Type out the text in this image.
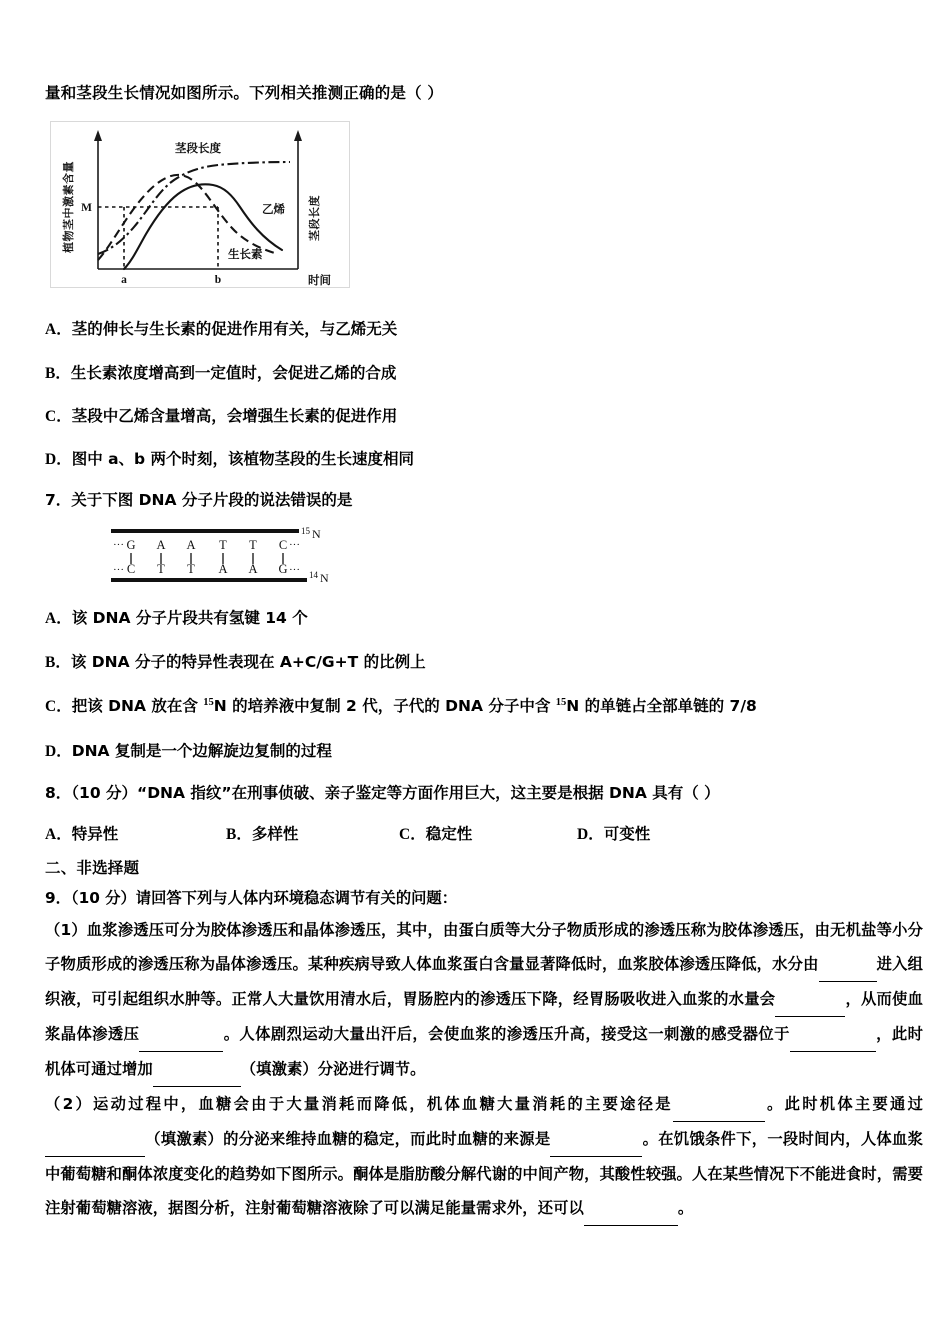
量和茎段生长情况如图所示。下列相关推测正确的是（ ）
M
a	b	时间
植物茎中激素含量	茎段长度
茎段长度
乙烯
生长素
A．茎的伸长与生长素的促进作用有关，与乙烯无关
B．生长素浓度增高到一定值时，会促进乙烯的合成
C．茎段中乙烯含量增高，会增强生长素的促进作用
D．图中 a、b 两个时刻，该植物茎段的生长速度相同
7．关于下图 DNA 分子片段的说法错误的是
15 N
14 N
···
···
G
C
A
T
A
T
T
A
T
A
C
G
···
···
A．该 DNA 分子片段共有氢键 14 个
B．该 DNA 分子的特异性表现在 A+C/G+T 的比例上
C．把该 DNA 放在含 $^{15}$N 的培养液中复制 2 代，子代的 DNA 分子中含 $^{15}$N 的单链占全部单链的 7/8
D．DNA 复制是一个边解旋边复制的过程
8．（10 分）“DNA 指纹”在刑事侦破、亲子鉴定等方面作用巨大，这主要是根据 DNA 具有（ ）
A．特异性	B．多样性	C．稳定性	D．可变性
二、非选择题
9．（10 分）请回答下列与人体内环境稳态调节有关的问题：
（1）血浆渗透压可分为胶体渗透压和晶体渗透压，其中，由蛋白质等大分子物质形成的渗透压称为胶体渗透压，由无机盐等小分子物质形成的渗透压称为晶体渗透压。某种疾病导致人体血浆蛋白含量显著降低时，血浆胶体渗透压降低，水分由	进入组织液，可引起组织水肿等。正常人大量饮用清水后，胃肠腔内的渗透压下降，经胃肠吸收进入血浆的水量会	，从而使血浆晶体渗透压	。人体剧烈运动大量出汗后，会使血浆的渗透压升高，接受这一刺激的感受器位于	，此时机体可通过增加	（填激素）分泌进行调节。
（2）运动过程中，血糖会由于大量消耗而降低，机体血糖大量消耗的主要途径是	。此时机体主要通过 （填激素）的分泌来维持血糖的稳定，而此时血糖的来源是	。在饥饿条件下，一段时间内，人体血浆中葡萄糖和酮体浓度变化的趋势如下图所示。酮体是脂肪酸分解代谢的中间产物，其酸性较强。人在某些情况下不能进食时，需要注射葡萄糖溶液，据图分析，注射葡萄糖溶液除了可以满足能量需求外，还可以	。
